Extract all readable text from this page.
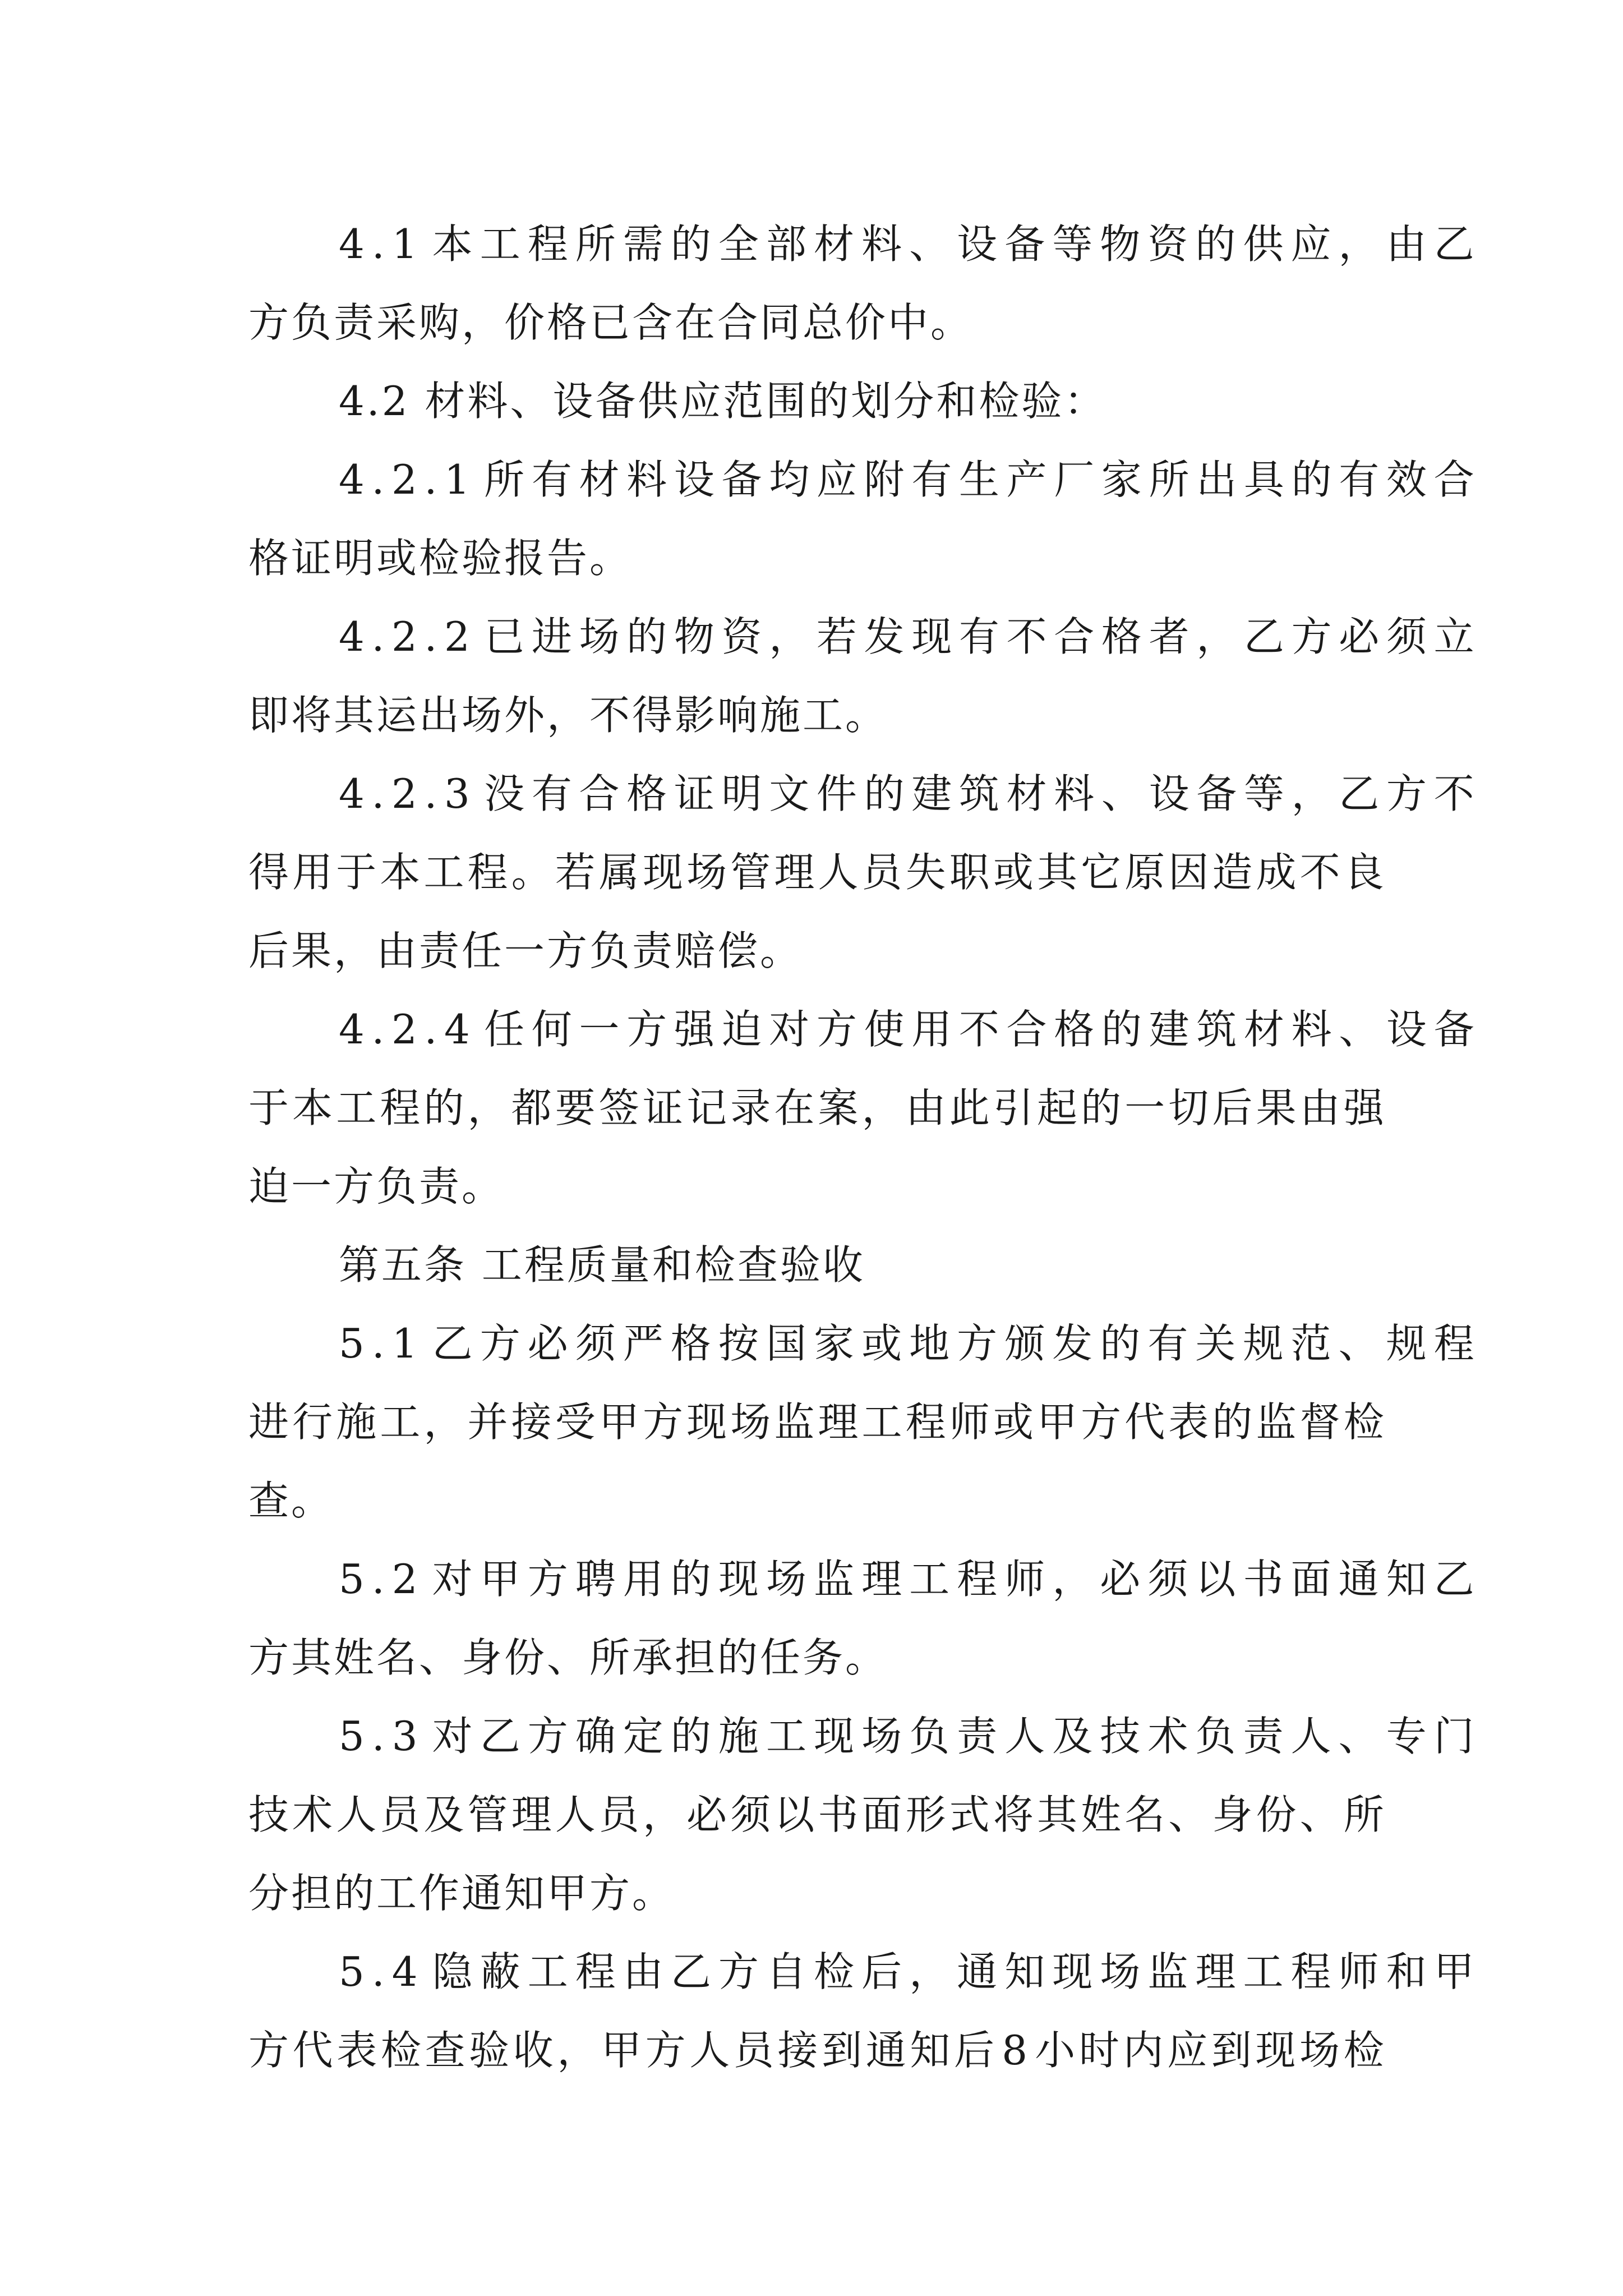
4 . 1 本 工 程 所 需 的 全 部 材 料 、 设 备 等 物 资 的 供 应 ， 由 乙
方负责采购，价格已含在合同总价中。
4.2 材料、设备供应范围的划分和检验：
4 . 2 . 1 所 有 材 料 设 备 均 应 附 有 生 产 厂 家 所 出 具 的 有 效 合
格证明或检验报告。
4 . 2 . 2 已 进 场 的 物 资 ， 若 发 现 有 不 合 格 者 ， 乙 方 必 须 立
即将其运出场外，不得影响施工。
4 . 2 . 3 没 有 合 格 证 明 文 件 的 建 筑 材 料 、 设 备 等 ， 乙 方 不
得 用 于 本 工 程 。 若 属 现 场 管 理 人 员 失 职 或 其 它 原 因 造 成 不 良
后果，由责任一方负责赔偿。
4 . 2 . 4 任 何 一 方 强 迫 对 方 使 用 不 合 格 的 建 筑 材 料 、 设 备
于 本 工 程 的 ， 都 要 签 证 记 录 在 案 ， 由 此 引 起 的 一 切 后 果 由 强
迫一方负责。
第五条 工程质量和检查验收
5 . 1 乙 方 必 须 严 格 按 国 家 或 地 方 颁 发 的 有 关 规 范 、 规 程
进 行 施 工 ， 并 接 受 甲 方 现 场 监 理 工 程 师 或 甲 方 代 表 的 监 督 检
查。
5 . 2 对 甲 方 聘 用 的 现 场 监 理 工 程 师 ， 必 须 以 书 面 通 知 乙
方其姓名、身份、所承担的任务。
5 . 3 对 乙 方 确 定 的 施 工 现 场 负 责 人 及 技 术 负 责 人 、 专 门
技 术 人 员 及 管 理 人 员 ， 必 须 以 书 面 形 式 将 其 姓 名 、 身 份 、 所
分担的工作通知甲方。
5 . 4 隐 蔽 工 程 由 乙 方 自 检 后 ， 通 知 现 场 监 理 工 程 师 和 甲
方 代 表 检 查 验 收 ， 甲 方 人 员 接 到 通 知 后 8 小 时 内 应 到 现 场 检
